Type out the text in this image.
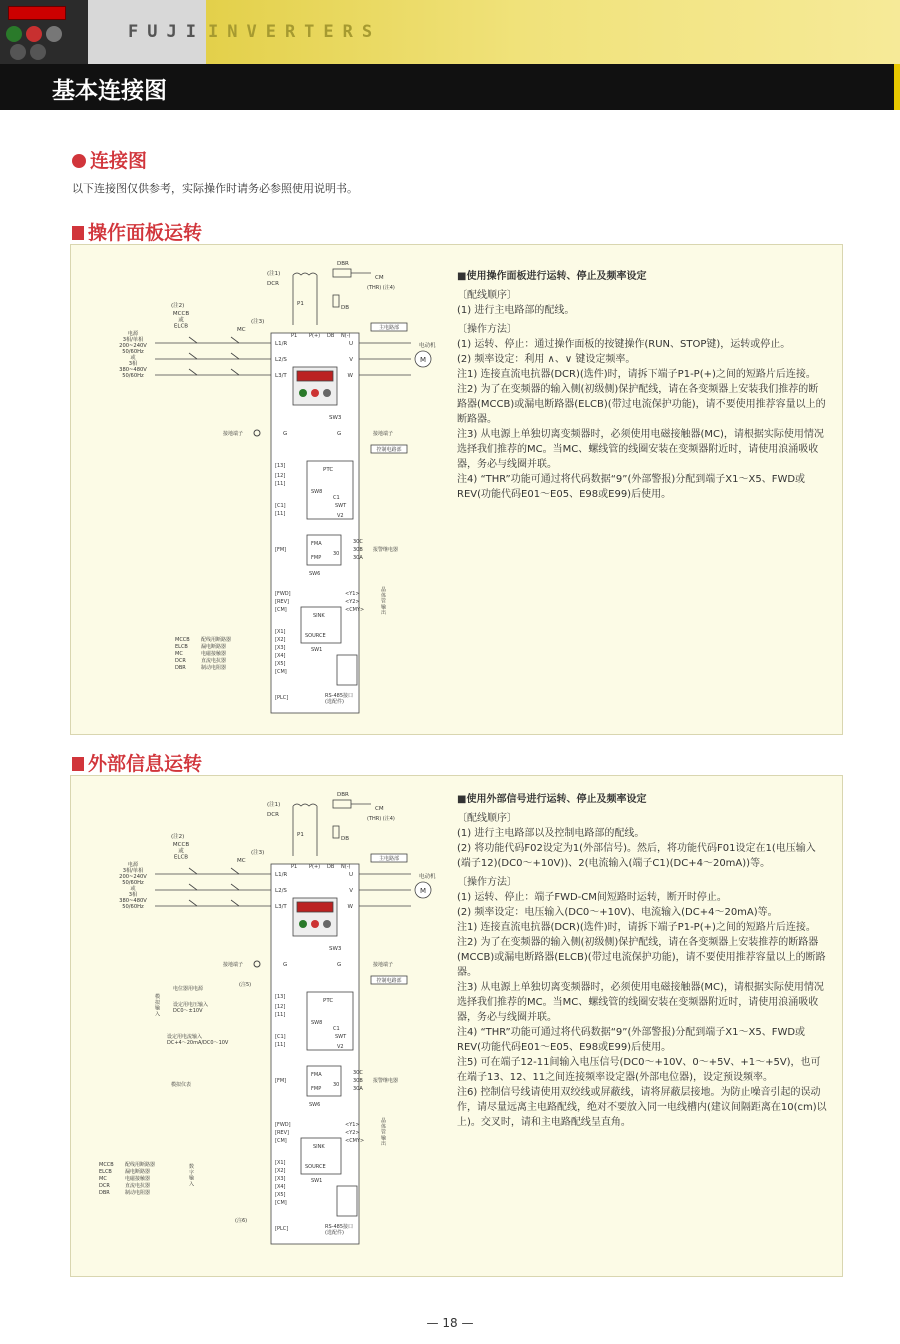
FUJI INVERTERS
基本连接图
连接图
以下连接图仅供参考，实际操作时请务必参照使用说明书。
操作面板运转
DBR
(注1)
DCR
P1
CM
(THR) (注4)
DB
P1 P(+) DB N(-)
主电路部
(注2)
MCCB
或
ELCB
(注3)
MC
电源
3相/单相
200~240V
50/60Hz
或
3相
380~480V
50/60Hz
L1/R	U
L2/S	V
L3/T	W
M
电动机
SW3
接地端子	G	G	接地端子
控制电路部
PTC
SW8
C1
SWT
V2
[13]
[12]
[11]
[C1]
[11]
FMA
FMP
[FM]
SW6
30C
30B
30A
30
报警继电器
[FWD]
[REV]
[CM]
SINK
SOURCE
SW1
[X1]
[X2]
[X3]
[X4]
[X5]
[CM]
[PLC]
<Y1>
<Y2>
<CMY>
晶
体
管
输
出
RS-485接口
(选配件)
MCCB 配线用断路器
ELCB	漏电断路器
MC	电磁接触器
DCR	直流电抗器
DBR	制动电阻器
■使用操作面板进行运转、停止及频率设定
〔配线顺序〕
(1) 进行主电路部的配线。
〔操作方法〕
(1) 运转、停止：通过操作面板的按键操作(RUN、STOP键)，运转或停止。
(2) 频率设定：利用 ∧、∨ 键设定频率。
注1) 连接直流电抗器(DCR)(选件)时，请拆下端子P1-P(+)之间的短路片后连接。
注2) 为了在变频器的输入侧(初级侧)保护配线，请在各变频器上安装我们推荐的断路器(MCCB)或漏电断路器(ELCB)(带过电流保护功能)，请不要使用推荐容量以上的断路器。
注3) 从电源上单独切离变频器时，必须使用电磁接触器(MC)，请根据实际使用情况选择我们推荐的MC。当MC、螺线管的线圈安装在变频器附近时，请使用浪涌吸收器，务必与线圈并联。
注4) “THR”功能可通过将代码数据“9”(外部警报)分配到端子X1～X5、FWD或REV(功能代码E01～E05、E98或E99)后使用。
外部信息运转
DBR
(注1)
DCR
P1
CM
(THR) (注4)
DB
P1 P(+) DB N(-)
主电路部
(注2)
MCCB
或
ELCB
(注3)
MC
电源
3相/单相
200~240V
50/60Hz
或
3相
380~480V
50/60Hz
L1/R	U
L2/S	V
L3/T	W
M
电动机
SW3
接地端子	G	G	接地端子
控制电路部
PTC
SW8
C1
SWT
V2
[13]
[12]
[11]
[C1]
[11]
FMA
FMP
[FM]
SW6
30C
30B
30A
30
报警继电器
[FWD]
[REV]
[CM]
SINK
SOURCE
SW1
[X1]
[X2]
[X3]
[X4]
[X5]
[CM]
[PLC]
<Y1>
<Y2>
<CMY>
晶
体
管
输
出
RS-485接口
(选配件)
电位器用电源
(注5)
设定用电压输入
DC0～±10V
设定用电流输入
DC+4～20mA/DC0～10V
模
拟
输
入
模拟仪表
数
字
输
入
(注6)
MCCB 配线用断路器
ELCB	漏电断路器
MC	电磁接触器
DCR	直流电抗器
DBR	制动电阻器
■使用外部信号进行运转、停止及频率设定
〔配线顺序〕
(1) 进行主电路部以及控制电路部的配线。
(2) 将功能代码F02设定为1(外部信号)。然后，将功能代码F01设定在1(电压输入(端子12)(DC0～+10V))、2(电流输入(端子C1)(DC+4～20mA))等。
〔操作方法〕
(1) 运转、停止：端子FWD-CM间短路时运转，断开时停止。
(2) 频率设定：电压输入(DC0～+10V)、电流输入(DC+4～20mA)等。
注1) 连接直流电抗器(DCR)(选件)时，请拆下端子P1-P(+)之间的短路片后连接。
注2) 为了在变频器的输入侧(初级侧)保护配线，请在各变频器上安装推荐的断路器(MCCB)或漏电断路器(ELCB)(带过电流保护功能)，请不要使用推荐容量以上的断路器。
注3) 从电源上单独切离变频器时，必须使用电磁接触器(MC)，请根据实际使用情况选择我们推荐的MC。当MC、螺线管的线圈安装在变频器附近时，请使用浪涌吸收器，务必与线圈并联。
注4) “THR”功能可通过将代码数据“9”(外部警报)分配到端子X1～X5、FWD或REV(功能代码E01～E05、E98或E99)后使用。
注5) 可在端子12-11间输入电压信号(DC0～+10V、0～+5V、+1～+5V)，也可在端子13、12、11之间连接频率设定器(外部电位器)，设定预设频率。
注6) 控制信号线请使用双绞线或屏蔽线，请将屏蔽层接地。为防止噪音引起的误动作，请尽量远离主电路配线，绝对不要放入同一电线槽内(建议间隔距离在10(cm)以上)。交叉时，请和主电路配线呈直角。
— 18 —
